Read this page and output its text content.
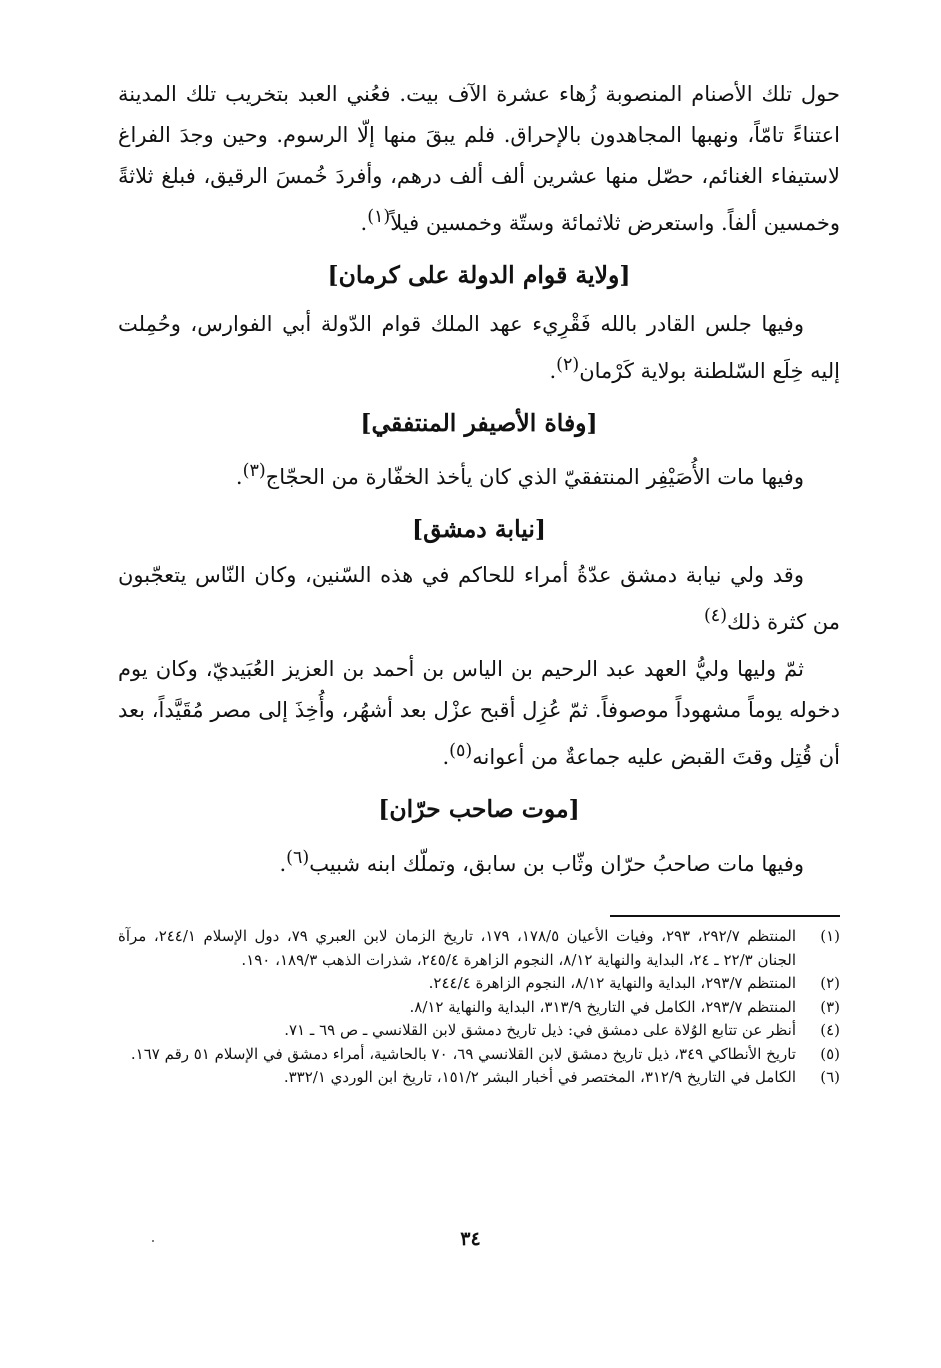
حول تلك الأصنام المنصوبة زُهاء عشرة الآف بيت. فعُني العبد بتخريب تلك المدينة اعتناءً تامّاً، ونهبها المجاهدون بالإحراق. فلم يبقَ منها إلّا الرسوم. وحين وجدَ الفراغ لاستيفاء الغنائم، حصّل منها عشرين ألف ألف درهم، وأفردَ خُمسَ الرقيق، فبلغ ثلاثةً وخمسين ألفاً. واستعرض ثلاثمائة وستّة وخمسين فيلاً$^{(١)}$.

[ولاية قوام الدولة على كرمان]

وفيها جلس القادر بالله فَقْرِيء عهد الملك قوام الدّولة أبي الفوارس، وحُمِلت إليه خِلَع السّلطنة بولاية كَرْمان$^{(٢)}$.

[وفاة الأصيفر المنتفقي]

وفيها مات الأُصَيْفِر المنتفقيّ الذي كان يأخذ الخفّارة من الحجّاج$^{(٣)}$.

[نيابة دمشق]

وقد ولي نيابة دمشق عدّةُ أمراء للحاكم في هذه السّنين، وكان النّاس يتعجّبون من كثرة ذلك$^{(٤)}$

ثمّ وليها وليُّ العهد عبد الرحيم بن الياس بن أحمد بن العزيز العُبَيديّ، وكان يوم دخوله يوماً مشهوداً موصوفاً. ثمّ عُزِل أقبح عزْل بعد أشهُر، وأُخِذَ إلى مصر مُقَيَّداً، بعد أن قُتِل وقتَ القبض عليه جماعةٌ من أعوانه$^{(٥)}$.

[موت صاحب حرّان]

وفيها مات صاحبُ حرّان وثّاب بن سابق، وتملّك ابنه شبيب$^{(٦)}$.

(١)
المنتظم ٢٩٢/٧، ٢٩٣، وفيات الأعيان ١٧٨/٥، ١٧٩، تاريخ الزمان لابن العبري ٧٩، دول الإسلام ٢٤٤/١، مرآة الجنان ٢٢/٣ ـ ٢٤، البداية والنهاية ٨/١٢، النجوم الزاهرة ٢٤٥/٤، شذرات الذهب ١٨٩/٣، ١٩٠.

(٢)
المنتظم ٢٩٣/٧، البداية والنهاية ٨/١٢، النجوم الزاهرة ٢٤٤/٤.

(٣)
المنتظم ٢٩٣/٧، الكامل في التاريخ ٣١٣/٩، البداية والنهاية ٨/١٢.

(٤)
أنظر عن تتابع الوُلاة على دمشق في: ذيل تاريخ دمشق لابن القلانسي ـ ص ٦٩ ـ ٧١.

(٥)
تاريخ الأنطاكي ٣٤٩، ذيل تاريخ دمشق لابن القلانسي ٦٩، ٧٠ بالحاشية، أمراء دمشق في الإسلام ٥١ رقم ١٦٧.

(٦)
الكامل في التاريخ ٣١٢/٩، المختصر في أخبار البشر ١٥١/٢، تاريخ ابن الوردي ٣٣٢/١.

٣٤
